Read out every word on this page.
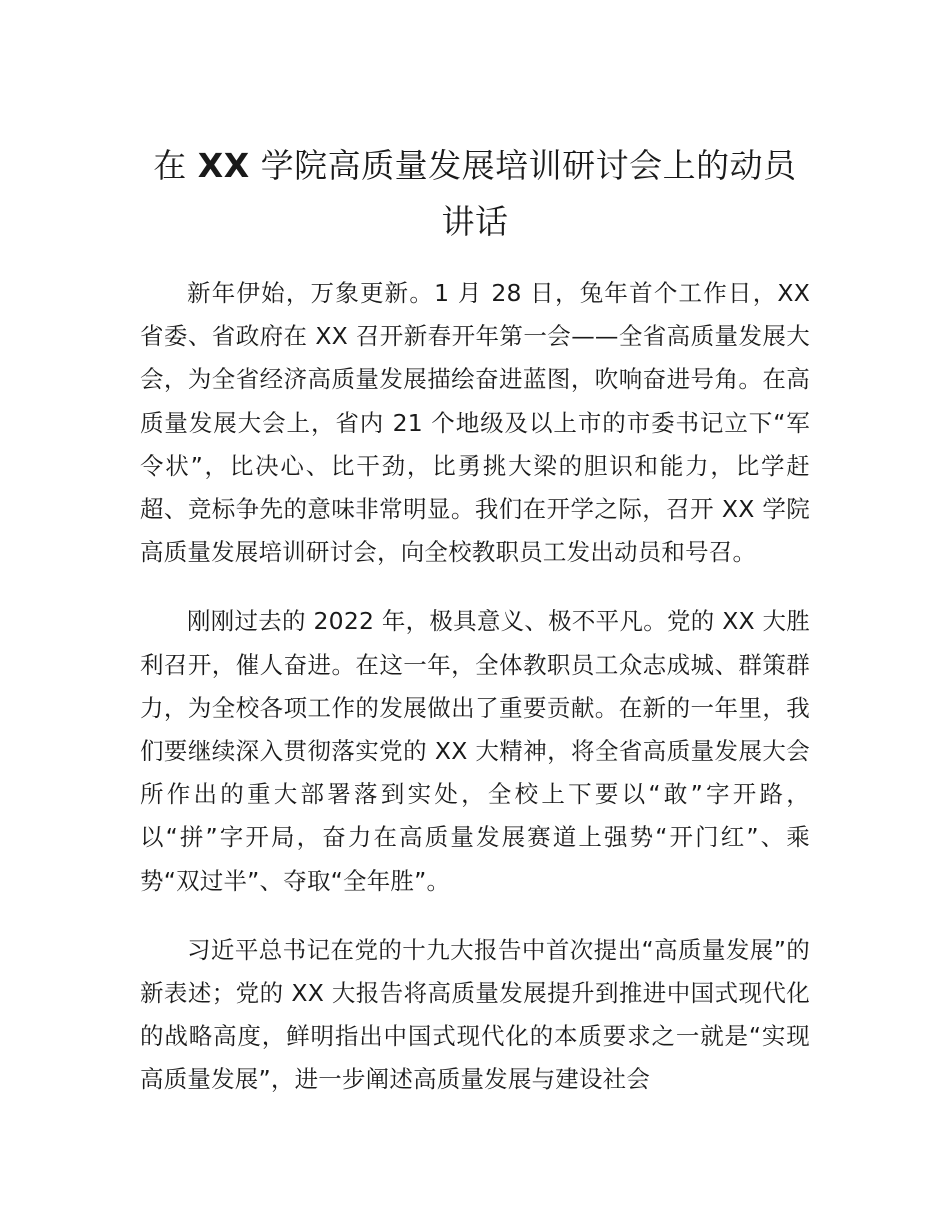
在 XX 学院高质量发展培训研讨会上的动员讲话

新年伊始，万象更新。1 月 28 日，兔年首个工作日，XX 省委、省政府在 XX 召开新春开年第一会——全省高质量发展大会，为全省经济高质量发展描绘奋进蓝图，吹响奋进号角。在高质量发展大会上，省内 21 个地级及以上市的市委书记立下“军令状”，比决心、比干劲，比勇挑大梁的胆识和能力，比学赶超、竞标争先的意味非常明显。我们在开学之际，召开 XX 学院高质量发展培训研讨会，向全校教职员工发出动员和号召。

刚刚过去的 2022 年，极具意义、极不平凡。党的 XX 大胜利召开，催人奋进。在这一年，全体教职员工众志成城、群策群力，为全校各项工作的发展做出了重要贡献。在新的一年里，我们要继续深入贯彻落实党的 XX 大精神，将全省高质量发展大会所作出的重大部署落到实处，全校上下要以“敢”字开路，以“拼”字开局，奋力在高质量发展赛道上强势“开门红”、乘势“双过半”、夺取“全年胜”。

习近平总书记在党的十九大报告中首次提出“高质量发展”的新表述；党的 XX 大报告将高质量发展提升到推进中国式现代化的战略高度，鲜明指出中国式现代化的本质要求之一就是“实现高质量发展”，进一步阐述高质量发展与建设社会
